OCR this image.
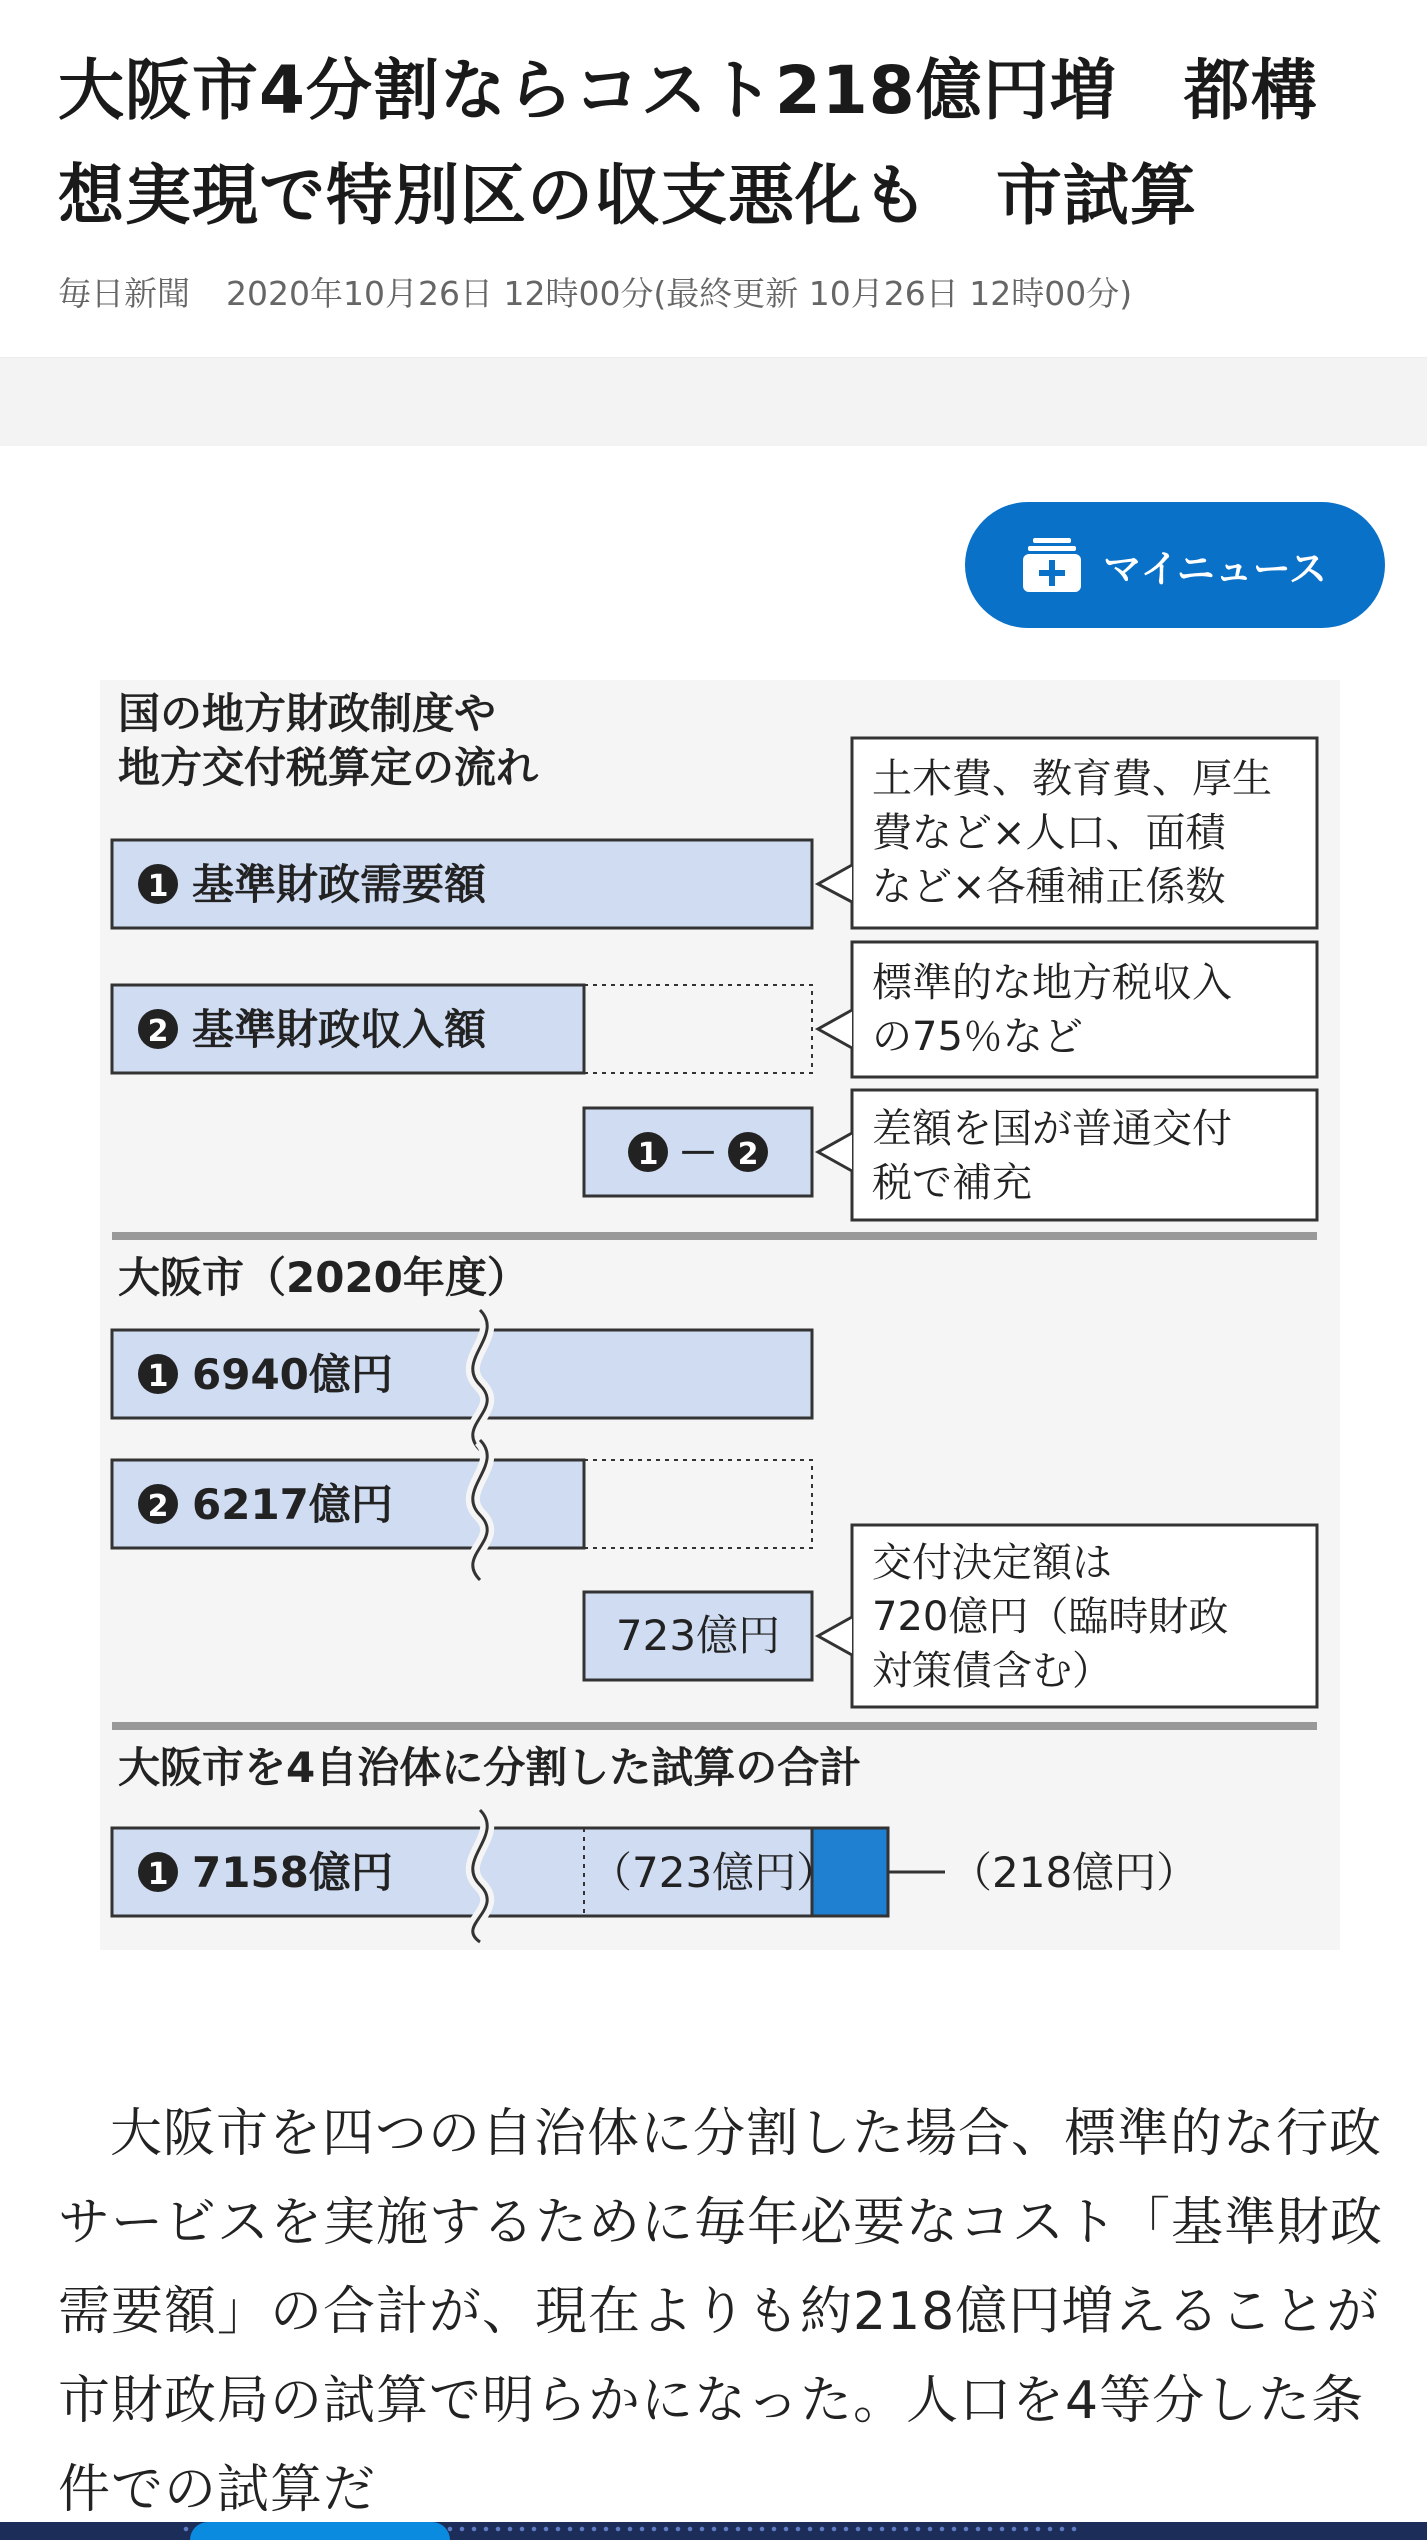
大阪市4分割ならコスト218億円増　都構想実現で特別区の収支悪化も　市試算
毎日新聞 2020年10月26日 12時00分(最終更新 10月26日 12時00分)
マイニュース
国の地方財政制度や
地方交付税算定の流れ
1 基準財政需要額
土木費、教育費、厚生
費など×人口、面積
など×各種補正係数
2 基準財政収入額
標準的な地方税収入
の75％など
1 － 2
差額を国が普通交付
税で補充
大阪市（2020年度）
1 6940億円
2 6217億円
723億円
交付決定額は
720億円（臨時財政
対策債含む）
大阪市を4自治体に分割した試算の合計
1 7158億円	（723億円）	（218億円）
大阪市を四つの自治体に分割した場合、標準的な行政サービスを実施するために毎年必要なコスト「基準財政需要額」の合計が、現在よりも約218億円増えることが市財政局の試算で明らかになった。人口を4等分した条件での試算だ
